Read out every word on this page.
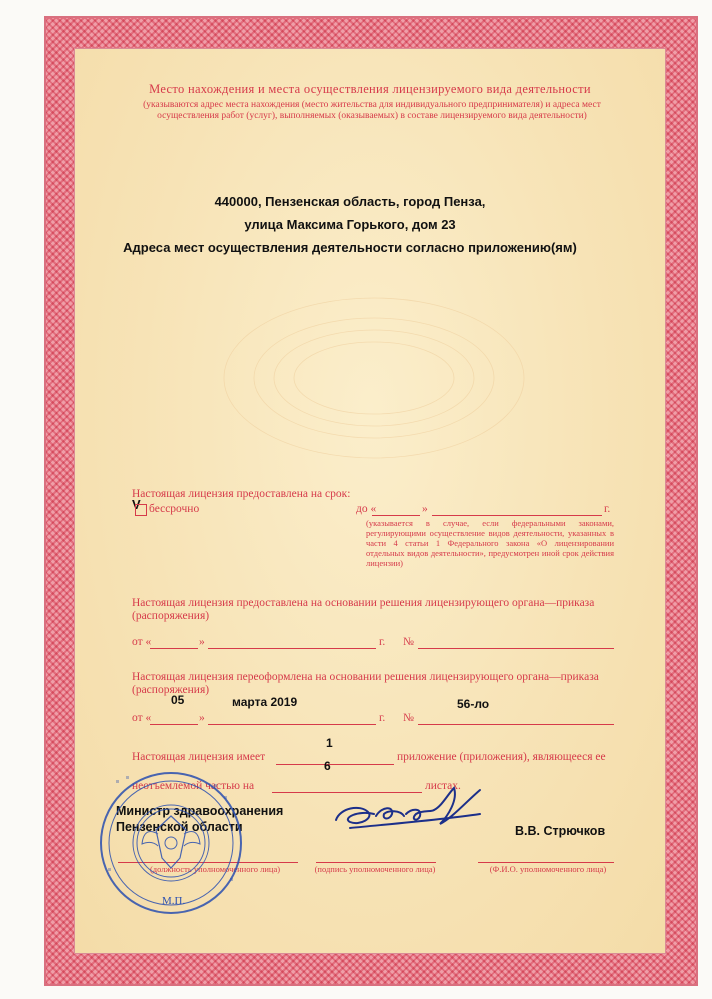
Место нахождения и места осуществления лицензируемого вида деятельности
(указываются адрес места нахождения (место жительства для индивидуального предпринимателя) и адреса мест осуществления работ (услуг), выполняемых (оказываемых) в составе лицензируемого вида деятельности)
440000, Пензенская область, город Пенза,
улица Максима Горького, дом 23
Адреса мест осуществления деятельности согласно приложению(ям)
Настоящая лицензия предоставлена на срок:
V бессрочно	до «	»	г.
(указывается в случае, если федеральными законами, регулирующими осуществление видов деятельности, указанных в части 4 статьи 1 Федерального закона «О лицензировании отдельных видов деятельности», предусмотрен иной срок действия лицензии)
Настоящая лицензия предоставлена на основании решения лицензирующего органа—приказа (распоряжения)
от «	»	г. №
Настоящая лицензия переоформлена на основании решения лицензирующего органа—приказа (распоряжения)
05	марта 2019	56-ло
от «	»	г. №
1
Настоящая лицензия имеет	приложение (приложения), являющееся ее
6
неотъемлемой частью на	листах.
Министр здравоохранения
Пензенской области	В.В. Стрючков
(должность уполномоченного лица)	(подпись уполномоченного лица)	(Ф.И.О. уполномоченного лица)
М.П.
